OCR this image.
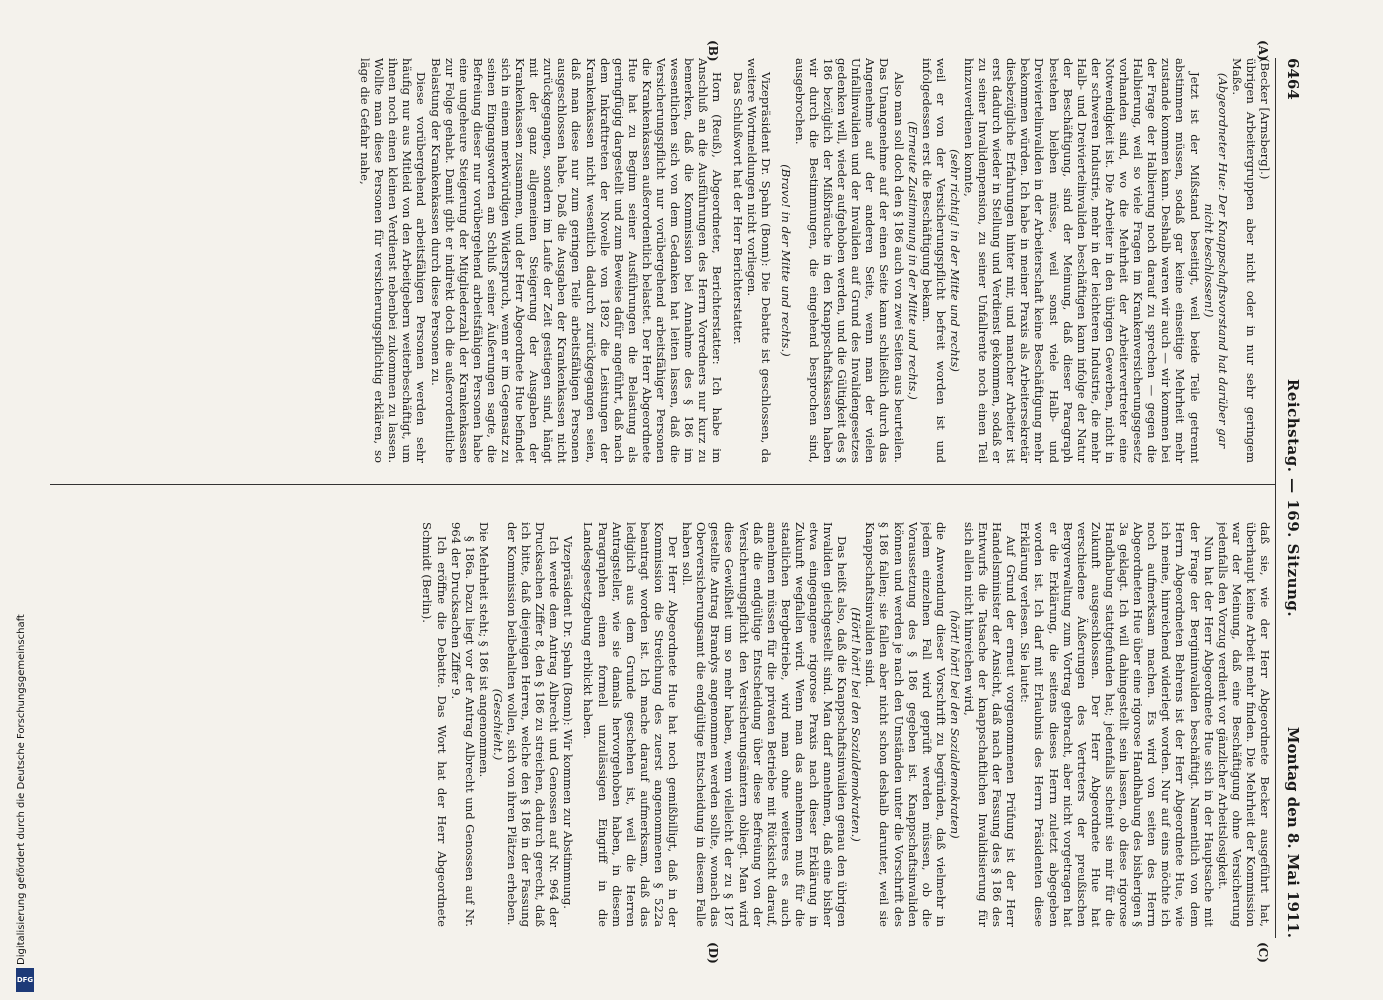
6464
Reichstag. — 169. Sitzung.
Montag den 8. Mai 1911.
(A)
(B)
(C)
(D)

(Becker [Arnsberg].)

übrigen Arbeitergruppen aber nicht oder in nur sehr geringem Maße.

(Abgeordneter Hue: Der Knappschaftsvorstand hat darüber gar nicht beschlossen!)

Jetzt ist der Mißstand beseitigt, weil beide Teile getrennt abstimmen müssen, sodaß gar keine einseitige Mehrheit mehr zustande kommen kann. Deshalb waren wir auch — wir kommen bei der Frage der Halbierung noch darauf zu sprechen — gegen die Halbierung, weil so viele Fragen im Krankenversicherungsgesetz vorhanden sind, wo die Mehrheit der Arbeitervertreter eine Notwendigkeit ist. Die Arbeiter in den übrigen Gewerben, nicht in der schweren Industrie, mehr in der leichteren Industrie, die mehr Halb- und Dreiviertelinvaliden beschäftigen kann infolge der Natur der Beschäftigung, sind der Meinung, daß dieser Paragraph bestehen bleiben müsse, weil sonst viele Halb- und Dreiviertelinvaliden in der Arbeiterschaft keine Beschäftigung mehr bekommen würden. Ich habe in meiner Praxis als Arbeitersekretär diesbezügliche Erfahrungen hinter mir, und mancher Arbeiter ist erst dadurch wieder in Stellung und Verdienst gekommen, sodaß er zu seiner Invalidenpension, zu seiner Unfallrente noch einen Teil hinzuverdienen konnte,

(sehr richtig! in der Mitte und rechts)

weil er von der Versicherungspflicht befreit worden ist und infolgedessen erst die Beschäftigung bekam.

(Erneute Zustimmung in der Mitte und rechts.)

Also man soll doch den § 186 auch von zwei Seiten aus beurteilen. Das Unangenehme auf der einen Seite kann schließlich durch das Angenehme auf der anderen Seite, wenn man der vielen Unfallinvaliden und der Invaliden auf Grund des Invalidengesetzes gedenken will, wieder aufgehoben werden, und die Gültigkeit des § 186 bezüglich der Mißbräuche in den Knappschaftskassen haben wir durch die Bestimmungen, die eingehend besprochen sind, ausgebrochen.

(Bravo! in der Mitte und rechts.)

Vizepräsident Dr. Spahn (Bonn): Die Debatte ist geschlossen, da weitere Wortmeldungen nicht vorliegen.

Das Schlußwort hat der Herr Berichterstatter.

Horn (Reuß), Abgeordneter, Berichterstatter: Ich habe im Anschluß an die Ausführungen des Herrn Vorredners nur kurz zu bemerken, daß die Kommission bei Annahme des § 186 im wesentlichen sich von dem Gedanken hat leiten lassen, daß die Versicherungspflicht nur vorübergehend arbeitsfähiger Personen die Krankenkassen außerordentlich belastet. Der Herr Abgeordnete Hue hat zu Beginn seiner Ausführungen die Belastung als geringfügig dargestellt und zum Beweise dafür angeführt, daß nach dem Inkrafttreten der Novelle von 1892 die Leistungen der Krankenkassen nicht wesentlich dadurch zurückgegangen seien, daß man diese nur zum geringen Teile arbeitsfähigen Personen ausgeschlossen habe. Daß die Ausgaben der Krankenkassen nicht zurückgegangen, sondern im Laufe der Zeit gestiegen sind, hängt mit der ganz allgemeinen Steigerung der Ausgaben der Krankenkassen zusammen, und der Herr Abgeordnete Hue befindet sich in einem merkwürdigen Widerspruch, wenn er im Gegensatz zu seinen Eingangsworten am Schluß seiner Äußerungen sagte, die Befreiung dieser nur vorübergehend arbeitsfähigen Personen habe eine ungeheure Steigerung der Mitgliederzahl der Krankenkassen zur Folge gehabt. Damit gibt er indirekt doch die außerordentliche Belastung der Krankenkassen durch diese Personen zu.

Diese vorübergehend arbeitsfähigen Personen werden sehr häufig nur aus Mitleid von den Arbeitgebern weiterbeschäftigt, um ihnen noch einen kleinen Verdienst nebenbei zukommen zu lassen. Wollte man diese Personen für versicherungspflichtig erklären, so läge die Gefahr nahe,

daß sie, wie der Herr Abgeordnete Becker ausgeführt hat, überhaupt keine Arbeit mehr finden. Die Mehrheit der Kommission war der Meinung, daß eine Beschäftigung ohne Versicherung jedenfalls den Vorzug verdient vor gänzlicher Arbeitslosigkeit.

Nun hat der Herr Abgeordnete Hue sich in der Hauptsache mit der Frage der Bergininvaliden beschäftigt. Namentlich von dem Herrn Abgeordneten Behrens ist der Herr Abgeordnete Hue, wie ich meine, hinreichend widerlegt worden. Nur auf eins möchte ich noch aufmerksam machen. Es wird von seiten des Herrn Abgeordneten Hue über eine rigorose Handhabung des bisherigen § 3a geklagt. Ich will dahingestellt sein lassen, ob diese rigorose Handhabung stattgefunden hat; jedenfalls scheint sie mir für die Zukunft ausgeschlossen. Der Herr Abgeordnete Hue hat verschiedene Äußerungen des Vertreters der preußischen Bergverwaltung zum Vortrag gebracht, aber nicht vorgetragen hat er die Erklärung, die seitens dieses Herrn zuletzt abgegeben worden ist. Ich darf mit Erlaubnis des Herrn Präsidenten diese Erklärung verlesen. Sie lautet:

Auf Grund der erneut vorgenommenen Prüfung ist der Herr Handelsminister der Ansicht, daß nach der Fassung des § 186 des Entwurfs die Tatsache der knappschaftlichen Invalidisierung für sich allein nicht hinreichen wird,

(hört! hört! bei den Sozialdemokraten)

die Anwendung dieser Vorschrift zu begründen, daß vielmehr in jedem einzelnen Fall wird geprüft werden müssen, ob die Voraussetzung des § 186 gegeben ist. Knappschaftsinvaliden können und werden je nach den Umständen unter die Vorschrift des § 186 fallen; sie fallen aber nicht schon deshalb darunter, weil sie Knappschaftsinvaliden sind.

(Hört! hört! bei den Sozialdemokraten.)

Das heißt also, daß die Knappschaftsinvaliden genau den übrigen Invaliden gleichgestellt sind. Man darf annehmen, daß eine bisher etwa eingegangene rigorose Praxis nach dieser Erklärung in Zukunft wegfallen wird. Wenn man das annehmen muß für die staatlichen Bergbetriebe, wird man ohne weiteres es auch annehmen müssen für die privaten Betriebe mit Rücksicht darauf, daß die endgültige Entscheidung über diese Befreiung von der Versicherungspflicht den Versicherungsämtern obliegt. Man wird diese Gewißheit um so mehr haben, wenn vielleicht der zu § 187 gestellte Antrag Brandys angenommen werden sollte, wonach das Oberversicherungsamt die endgültige Entscheidung in diesem Falle haben soll.

Der Herr Abgeordnete Hue hat noch gemißbilligt, daß in der Kommission die Streichung des zuerst angenommenen § 522a beantragt worden ist. Ich mache darauf aufmerksam, daß das lediglich aus dem Grunde geschehen ist, weil die Herren Antragsteller, wie sie damals hervorgehoben haben, in diesem Paragraphen einen formell unzulässigen Eingriff in die Landesgesetzgebung erblickt haben.

Vizepräsident Dr. Spahn (Bonn): Wir kommen zur Abstimmung.

Ich werde dem Antrag Albrecht und Genossen auf Nr. 964 der Drucksachen Ziffer 8, den § 186 zu streichen, dadurch gerecht, daß ich bitte, daß diejenigen Herren, welche den § 186 in der Fassung der Kommission beibehalten wollen, sich von ihren Plätzen erheben.

(Geschieht.)

Die Mehrheit steht; § 186 ist angenommen.

§ 186a. Dazu liegt vor der Antrag Albrecht und Genossen auf Nr. 964 der Drucksachen Ziffer 9.

Ich eröffne die Debatte. Das Wort hat der Herr Abgeordnete Schmidt (Berlin).

Digitalisierung gefördert durch die Deutsche Forschungsgemeinschaft
DFG
